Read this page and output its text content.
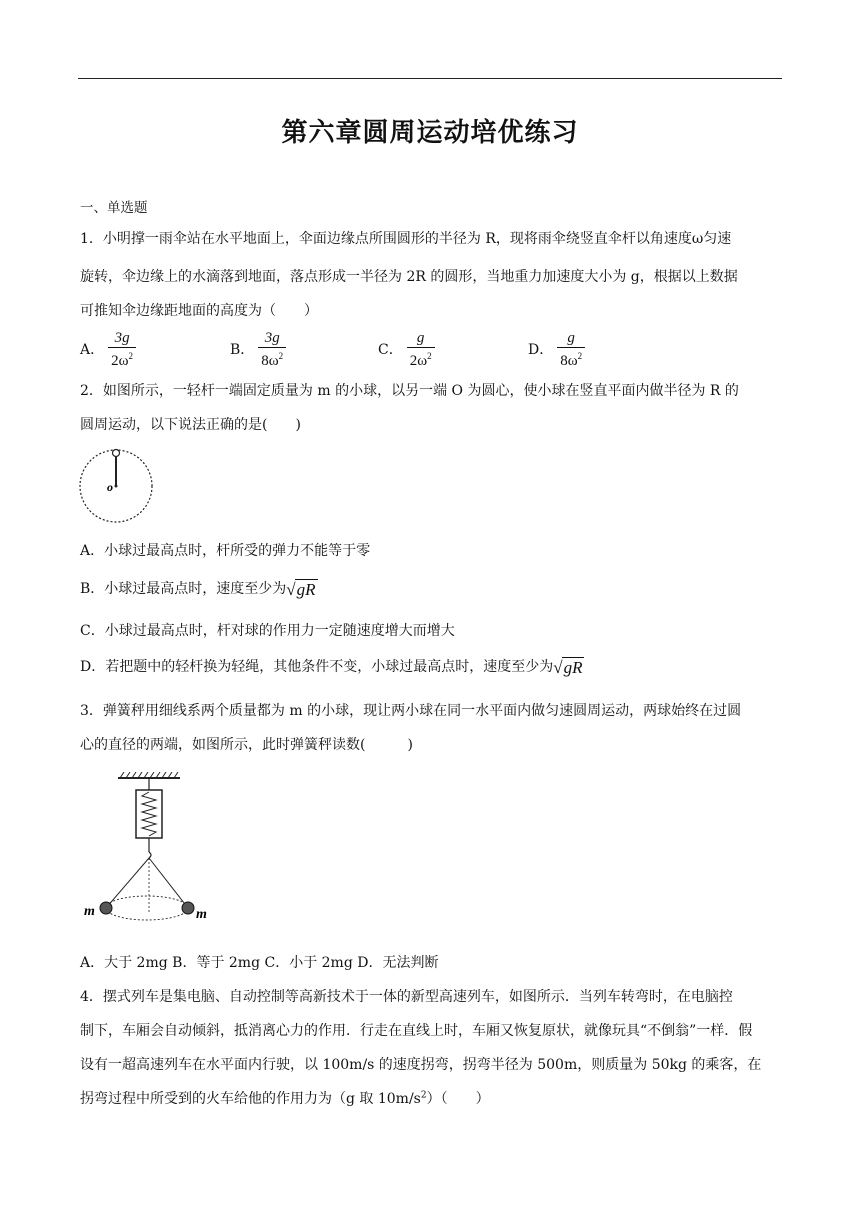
第六章圆周运动培优练习
一、单选题
1．小明撑一雨伞站在水平地面上，伞面边缘点所围圆形的半径为 R，现将雨伞绕竖直伞杆以角速度ω匀速
旋转，伞边缘上的水滴落到地面，落点形成一半径为 2R 的圆形，当地重力加速度大小为 g，根据以上数据
可推知伞边缘距地面的高度为（　　）
A． $\frac{3g}{2\omega^2}$	B． $\frac{3g}{8\omega^2}$	C． $\frac{g}{2\omega^2}$	D． $\frac{g}{8\omega^2}$
2．如图所示，一轻杆一端固定质量为 m 的小球，以另一端 O 为圆心，使小球在竖直平面内做半径为 R 的
圆周运动，以下说法正确的是(　　)
o
A．小球过最高点时，杆所受的弹力不能等于零
B．小球过最高点时，速度至少为√gR
C．小球过最高点时，杆对球的作用力一定随速度增大而增大
D．若把题中的轻杆换为轻绳，其他条件不变，小球过最高点时，速度至少为√gR
3．弹簧秤用细线系两个质量都为 m 的小球，现让两小球在同一水平面内做匀速圆周运动，两球始终在过圆
心的直径的两端，如图所示，此时弹簧秤读数(　　　)
m	m
A．大于 2mg B．等于 2mg C．小于 2mg D．无法判断
4．摆式列车是集电脑、自动控制等高新技术于一体的新型高速列车，如图所示．当列车转弯时，在电脑控
制下，车厢会自动倾斜，抵消离心力的作用．行走在直线上时，车厢又恢复原状，就像玩具“不倒翁”一样．假
设有一超高速列车在水平面内行驶，以 100m/s 的速度拐弯，拐弯半径为 500m，则质量为 50kg 的乘客，在
拐弯过程中所受到的火车给他的作用力为（g 取 $10m/s^2$）（　　）
